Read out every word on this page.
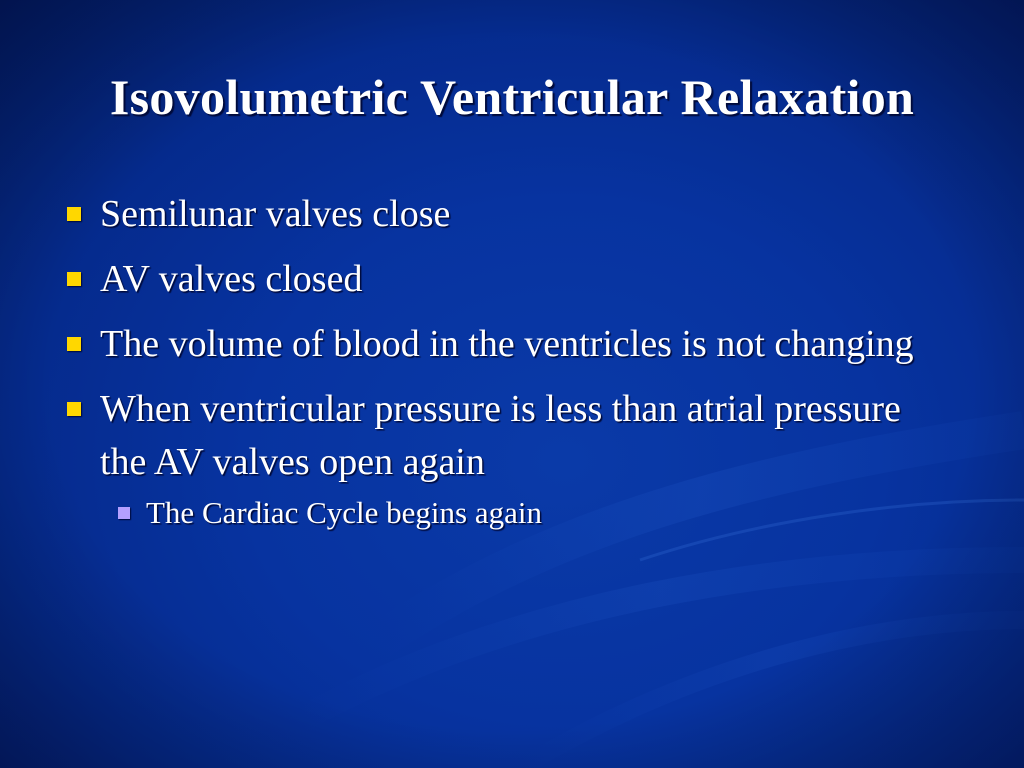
Isovolumetric Ventricular Relaxation
Semilunar valves close
AV valves closed
The volume of blood in the ventricles is not changing
When ventricular pressure is less than atrial pressure the AV valves open again
The Cardiac Cycle begins again
